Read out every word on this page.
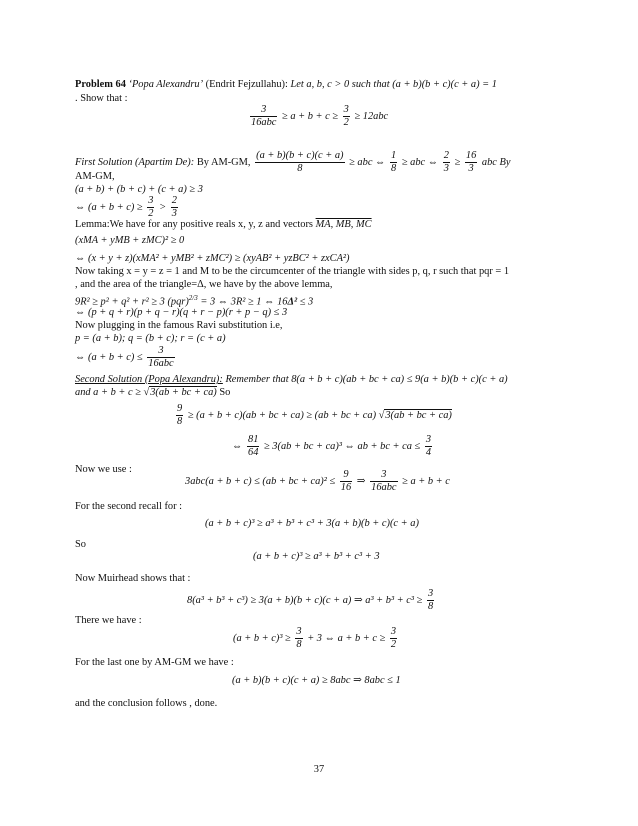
Problem 64 ‘Popa Alexandru’ (Endrit Fejzullahu): Let a, b, c > 0 such that (a + b)(b + c)(c + a) = 1
. Show that :
$\frac{3}{\text{16abc}} \ge a + b + c \ge \frac{3}{2} \ge 12abc$
First Solution (Apartim De): By AM-GM, $\frac{(a + b)(b + c)(c + a)}{8}$ ≥ abc ⇔ $\frac{1}{8}$ ≥ abc ⇔ $\frac{2}{3} \ge \frac{16}{3}$ abc By
AM-GM,
(a + b) + (b + c) + (c + a) ≥ 3
⇔ $(a + b + c) \ge \frac{3}{2} > \frac{2}{3}$
Lemma:We have for any positive reals x, y, z and vectors MA, MB, MC
(xMA + yMB + zMC)² ≥ 0
⇔ (x + y + z)(xMA² + yMB² + zMC²) ≥ (xyAB² + yzBC² + zxCA²)
Now taking x = y = z = 1 and M to be the circumcenter of the triangle with sides p, q, r such that pqr = 1
, and the area of the triangle=Δ, we have by the above lemma,
9R² ≥ p² + q² + r² ≥ 3 (pqr)$^{2/3}$ = 3 ⇔ 3R² ≥ 1 ⇔ 16Δ² ≤ 3
⇔ (p + q + r)(p + q − r)(q + r − p)(r + p − q) ≤ 3
Now plugging in the famous Ravi substitution i.e,
p = (a + b); q = (b + c); r = (c + a)
⇔ $(a + b + c) \le \frac{3}{\text{16abc}}$
Second Solution (Popa Alexandru): Remember that 8(a + b + c)(ab + bc + ca) ≤ 9(a + b)(b + c)(c + a)
and a + b + c ≥ √3(ab + bc + ca) So
$\frac{9}{8} \ge (a + b + c)(ab$ + bc + ca) ≥ (ab + bc + ca) √3(ab + bc + ca)
⇔ $\frac{81}{64} \ge 3(ab$ + bc + ca)³ ⇔ ab + bc + ca ≤ $\frac{3}{4}$
Now we use :
3abc(a + b + c) ≤ (ab + bc + $ca)^2 \le \frac{9}{16}$ ⇒ $\frac{3}{\text{16abc}} \ge a + b + c$
For the second recall for :
(a + b + c)³ ≥ a³ + b³ + c³ + 3(a + b)(b + c)(c + a)
So
(a + b + c)³ ≥ a³ + b³ + c³ + 3
Now Muirhead shows that :
8(a³ + b³ + c³) ≥ 3(a + b)(b + c)(c + a) ⇒ $a^3 + b^3 + c^3 \ge \frac{3}{8}$
There we have :
$(a + b + c)^3 \ge \frac{3}{8} + 3$ ⇔ $a + b + c \ge \frac{3}{2}$
For the last one by AM-GM we have :
(a + b)(b + c)(c + a) ≥ 8abc ⇒ 8abc ≤ 1
and the conclusion follows , done.
37
